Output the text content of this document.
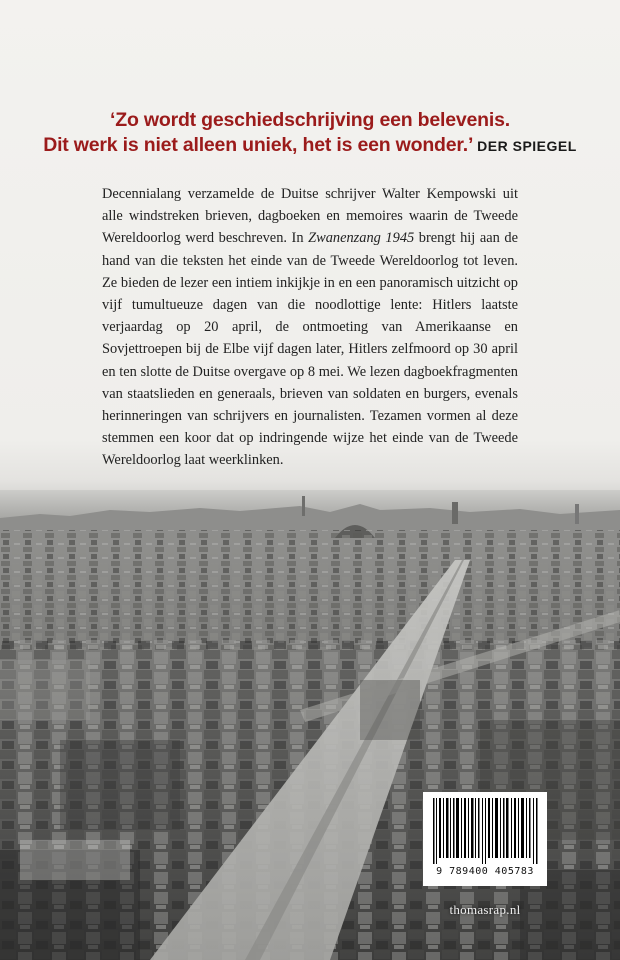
‘Zo wordt geschiedschrijving een belevenis.
Dit werk is niet alleen uniek, het is een wonder.’ DER SPIEGEL

Decennialang verzamelde de Duitse schrijver Walter Kempowski uit alle windstreken brieven, dagboeken en memoires waarin de Tweede Wereldoorlog werd beschreven. In Zwanenzang 1945 brengt hij aan de hand van die teksten het einde van de Tweede Wereldoorlog tot leven. Ze bieden de lezer een intiem inkijkje in en een panoramisch uitzicht op vijf tumultueuze dagen van die noodlottige lente: Hitlers laatste verjaardag op 20 april, de ontmoeting van Amerikaanse en Sovjettroepen bij de Elbe vijf dagen later, Hitlers zelfmoord op 30 april en ten slotte de Duitse overgave op 8 mei. We lezen dagboekfragmenten van staatslieden en generaals, brieven van soldaten en burgers, evenals herinneringen van schrijvers en journalisten. Tezamen vormen al deze stemmen een koor dat op indringende wijze het einde van de Tweede Wereldoorlog laat weerklinken.

9 789400 405783
thomasrap.nl
